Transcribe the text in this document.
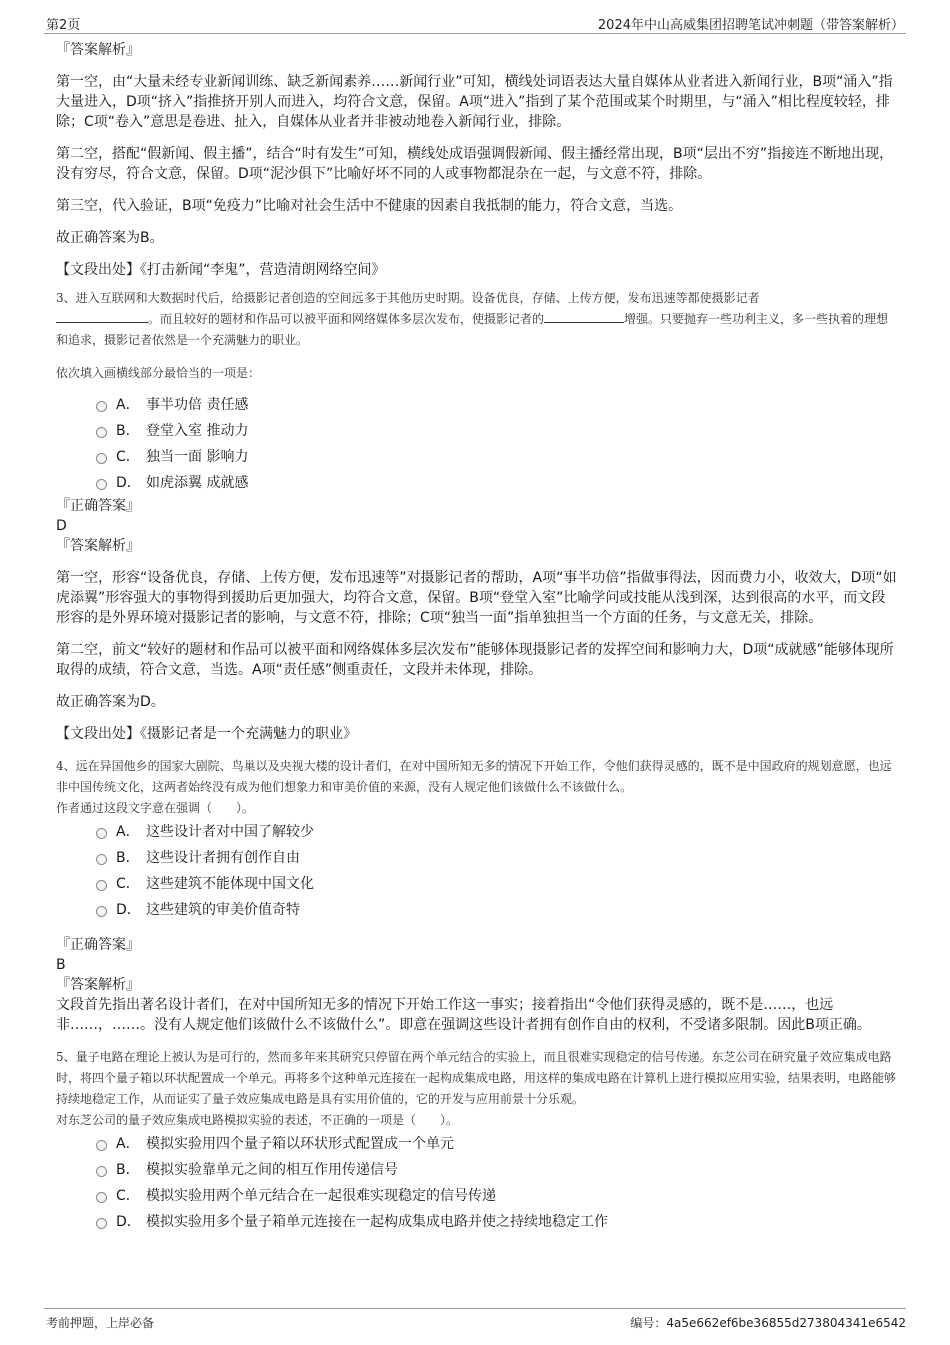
第2页	2024年中山高威集团招聘笔试冲刺题（带答案解析）

『答案解析』

第一空，由“大量未经专业新闻训练、缺乏新闻素养……新闻行业”可知，横线处词语表达大量自媒体从业者进入新闻行业，B项“涌入”指大量进入，D项“挤入”指推挤开别人而进入，均符合文意，保留。A项“进入”指到了某个范围或某个时期里，与“涌入”相比程度较轻，排除；C项“卷入”意思是卷进、扯入，自媒体从业者并非被动地卷入新闻行业，排除。

第二空，搭配“假新闻、假主播”，结合“时有发生”可知，横线处成语强调假新闻、假主播经常出现，B项“层出不穷”指接连不断地出现，没有穷尽，符合文意，保留。D项“泥沙俱下”比喻好坏不同的人或事物都混杂在一起，与文意不符，排除。

第三空，代入验证，B项“免疫力”比喻对社会生活中不健康的因素自我抵制的能力，符合文意，当选。

故正确答案为B。

【文段出处】《打击新闻“李鬼”，营造清朗网络空间》

3、进入互联网和大数据时代后，给摄影记者创造的空间远多于其他历史时期。设备优良，存储、上传方便，发布迅速等都使摄影记者
。而且较好的题材和作品可以被平面和网络媒体多层次发布，使摄影记者的	增强。只要抛弃一些功利主义，多一些执着的理想和追求，摄影记者依然是一个充满魅力的职业。

依次填入画横线部分最恰当的一项是：

A． 事半功倍 责任感
B． 登堂入室 推动力
C． 独当一面 影响力
D． 如虎添翼 成就感

『正确答案』

D

『答案解析』

第一空，形容“设备优良，存储、上传方便，发布迅速等”对摄影记者的帮助，A项“事半功倍”指做事得法，因而费力小，收效大，D项“如虎添翼”形容强大的事物得到援助后更加强大，均符合文意，保留。B项“登堂入室”比喻学问或技能从浅到深，达到很高的水平，而文段形容的是外界环境对摄影记者的影响，与文意不符，排除；C项“独当一面”指单独担当一个方面的任务，与文意无关，排除。

第二空，前文“较好的题材和作品可以被平面和网络媒体多层次发布”能够体现摄影记者的发挥空间和影响力大，D项“成就感”能够体现所取得的成绩，符合文意，当选。A项“责任感”侧重责任，文段并未体现，排除。

故正确答案为D。

【文段出处】《摄影记者是一个充满魅力的职业》

4、远在异国他乡的国家大剧院、鸟巢以及央视大楼的设计者们，在对中国所知无多的情况下开始工作，令他们获得灵感的，既不是中国政府的规划意愿，也远非中国传统文化，这两者始终没有成为他们想象力和审美价值的来源，没有人规定他们该做什么不该做什么。

作者通过这段文字意在强调（　　）。

A． 这些设计者对中国了解较少
B． 这些设计者拥有创作自由
C． 这些建筑不能体现中国文化
D． 这些建筑的审美价值奇特

『正确答案』

B

『答案解析』

文段首先指出著名设计者们，在对中国所知无多的情况下开始工作这一事实；接着指出“令他们获得灵感的，既不是……，也远非……，……。没有人规定他们该做什么不该做什么”。即意在强调这些设计者拥有创作自由的权利，不受诸多限制。因此B项正确。

5、量子电路在理论上被认为是可行的，然而多年来其研究只停留在两个单元结合的实验上，而且很难实现稳定的信号传递。东芝公司在研究量子效应集成电路时，将四个量子箱以环状配置成一个单元。再将多个这种单元连接在一起构成集成电路，用这样的集成电路在计算机上进行模拟应用实验，结果表明，电路能够持续地稳定工作，从而证实了量子效应集成电路是具有实用价值的，它的开发与应用前景十分乐观。

对东芝公司的量子效应集成电路模拟实验的表述，不正确的一项是（　　）。

A． 模拟实验用四个量子箱以环状形式配置成一个单元
B． 模拟实验靠单元之间的相互作用传递信号
C． 模拟实验用两个单元结合在一起很难实现稳定的信号传递
D． 模拟实验用多个量子箱单元连接在一起构成集成电路并使之持续地稳定工作
考前押题，上岸必备	编号：4a5e662ef6be36855d273804341e6542
